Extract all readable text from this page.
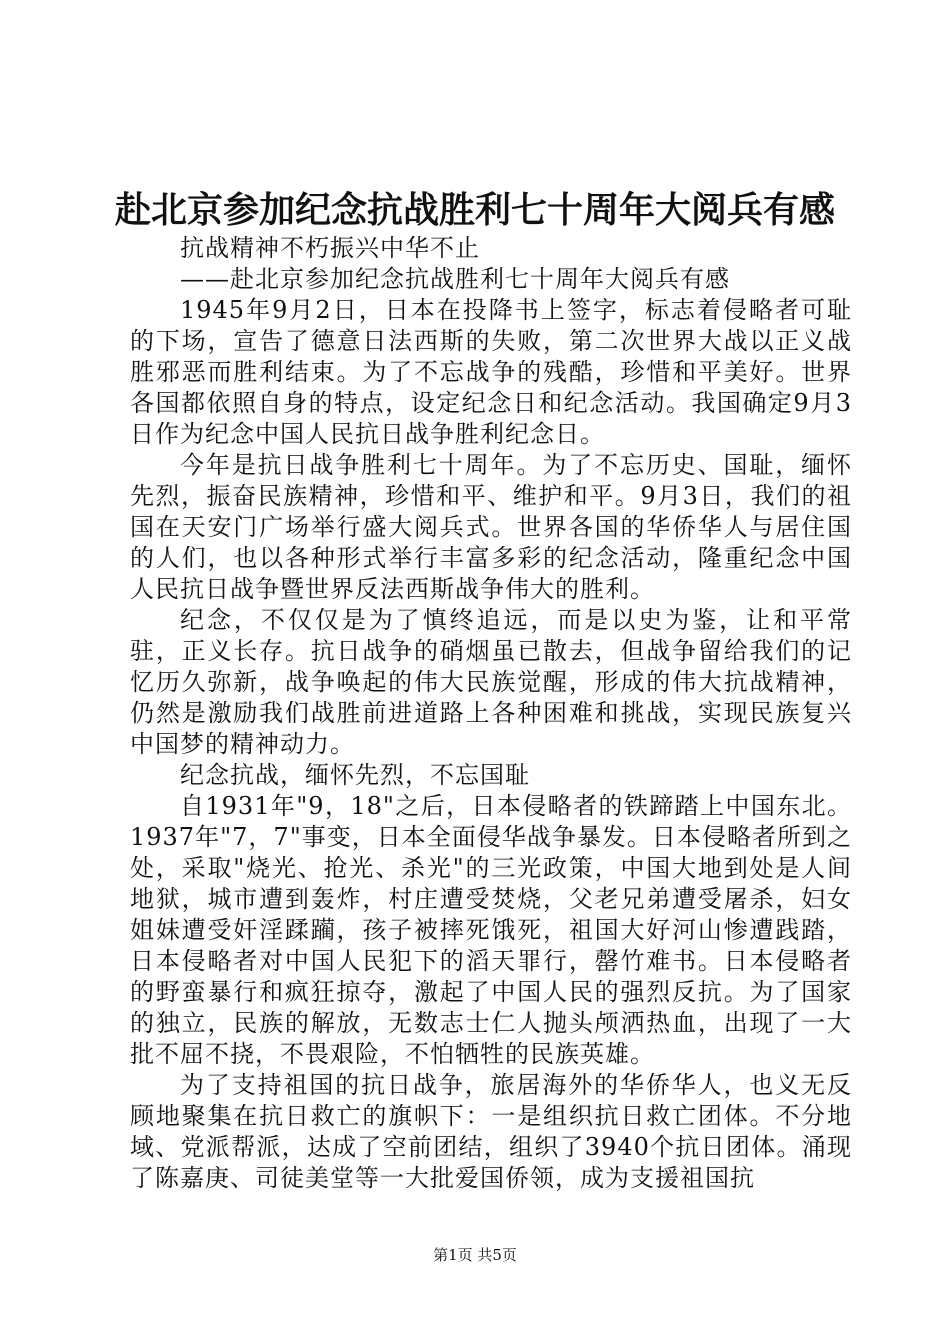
赴北京参加纪念抗战胜利七十周年大阅兵有感

抗战精神不朽振兴中华不止

——赴北京参加纪念抗战胜利七十周年大阅兵有感

1945年9月2日，日本在投降书上签字，标志着侵略者可耻的下场，宣告了德意日法西斯的失败，第二次世界大战以正义战胜邪恶而胜利结束。为了不忘战争的残酷，珍惜和平美好。世界各国都依照自身的特点，设定纪念日和纪念活动。我国确定9月3日作为纪念中国人民抗日战争胜利纪念日。

今年是抗日战争胜利七十周年。为了不忘历史、国耻，缅怀先烈，振奋民族精神，珍惜和平、维护和平。9月3日，我们的祖国在天安门广场举行盛大阅兵式。世界各国的华侨华人与居住国的人们，也以各种形式举行丰富多彩的纪念活动，隆重纪念中国人民抗日战争暨世界反法西斯战争伟大的胜利。

纪念，不仅仅是为了慎终追远，而是以史为鉴，让和平常驻，正义长存。抗日战争的硝烟虽已散去，但战争留给我们的记忆历久弥新，战争唤起的伟大民族觉醒，形成的伟大抗战精神，仍然是激励我们战胜前进道路上各种困难和挑战，实现民族复兴中国梦的精神动力。

纪念抗战，缅怀先烈，不忘国耻

自1931年"9，18"之后，日本侵略者的铁蹄踏上中国东北。1937年"7，7"事变，日本全面侵华战争暴发。日本侵略者所到之处，采取"烧光、抢光、杀光"的三光政策，中国大地到处是人间地狱，城市遭到轰炸，村庄遭受焚烧，父老兄弟遭受屠杀，妇女姐妹遭受奸淫蹂躏，孩子被摔死饿死，祖国大好河山惨遭践踏，日本侵略者对中国人民犯下的滔天罪行，罄竹难书。日本侵略者的野蛮暴行和疯狂掠夺，激起了中国人民的强烈反抗。为了国家的独立，民族的解放，无数志士仁人抛头颅洒热血，出现了一大批不屈不挠，不畏艰险，不怕牺牲的民族英雄。

为了支持祖国的抗日战争，旅居海外的华侨华人，也义无反顾地聚集在抗日救亡的旗帜下：一是组织抗日救亡团体。不分地域、党派帮派，达成了空前团结，组织了3940个抗日团体。涌现了陈嘉庚、司徒美堂等一大批爱国侨领，成为支援祖国抗

第1页 共5页
